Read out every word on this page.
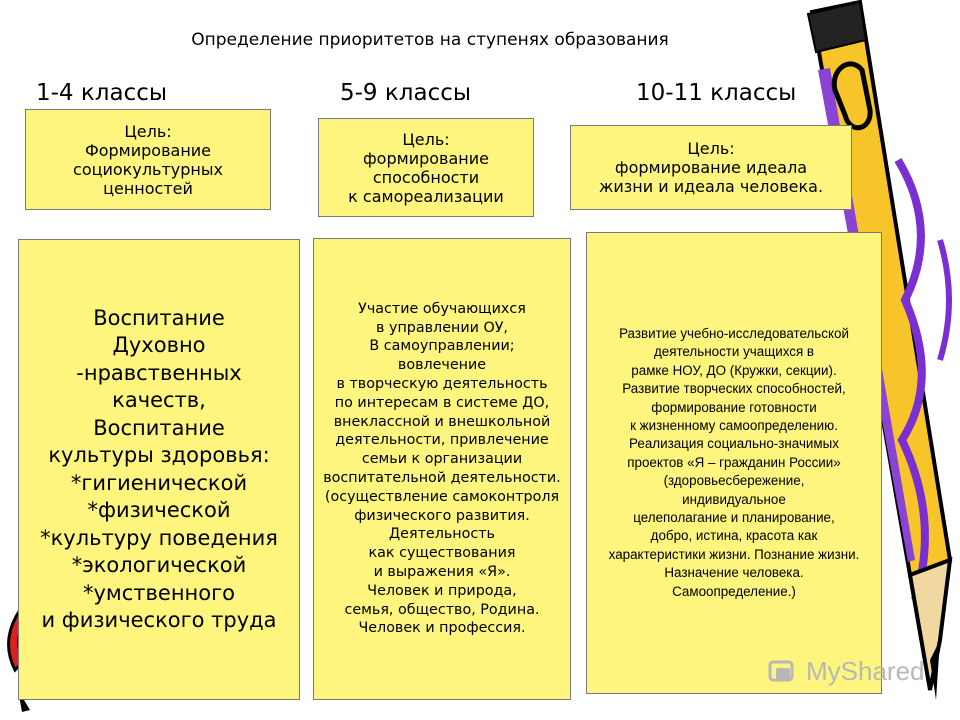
Определение приоритетов на ступенях образования
1-4 классы	5-9 классы	10-11 классы
Цель:
Формирование
социокультурных
ценностей
Цель:
формирование
способности
к самореализации
Цель:
формирование идеала
жизни и идеала человека.
Воспитание
Духовно
-нравственных
качеств,
Воспитание
культуры здоровья:
*гигиенической
*физической
*культуру поведения
*экологической
*умственного
и физического труда
Участие обучающихся
в управлении ОУ,
В самоуправлении;
вовлечение
в творческую деятельность
по интересам в системе ДО,
внеклассной и внешкольной
деятельности, привлечение
семьи к организации
воспитательной деятельности.
(осуществление самоконтроля
физического развития.
Деятельность
как существования
и выражения «Я».
Человек и природа,
семья, общество, Родина.
Человек и профессия.
Развитие учебно-исследовательской
деятельности учащихся в
рамке НОУ, ДО (Кружки, секции).
Развитие творческих способностей,
формирование готовности
к жизненному самоопределению.
Реализация социально-значимых
проектов «Я – гражданин России»
(здоровьесбережение,
индивидуальное
целеполагание и планирование,
добро, истина, красота как
характеристики жизни. Познание жизни.
Назначение человека.
Самоопределение.)
MyShared
